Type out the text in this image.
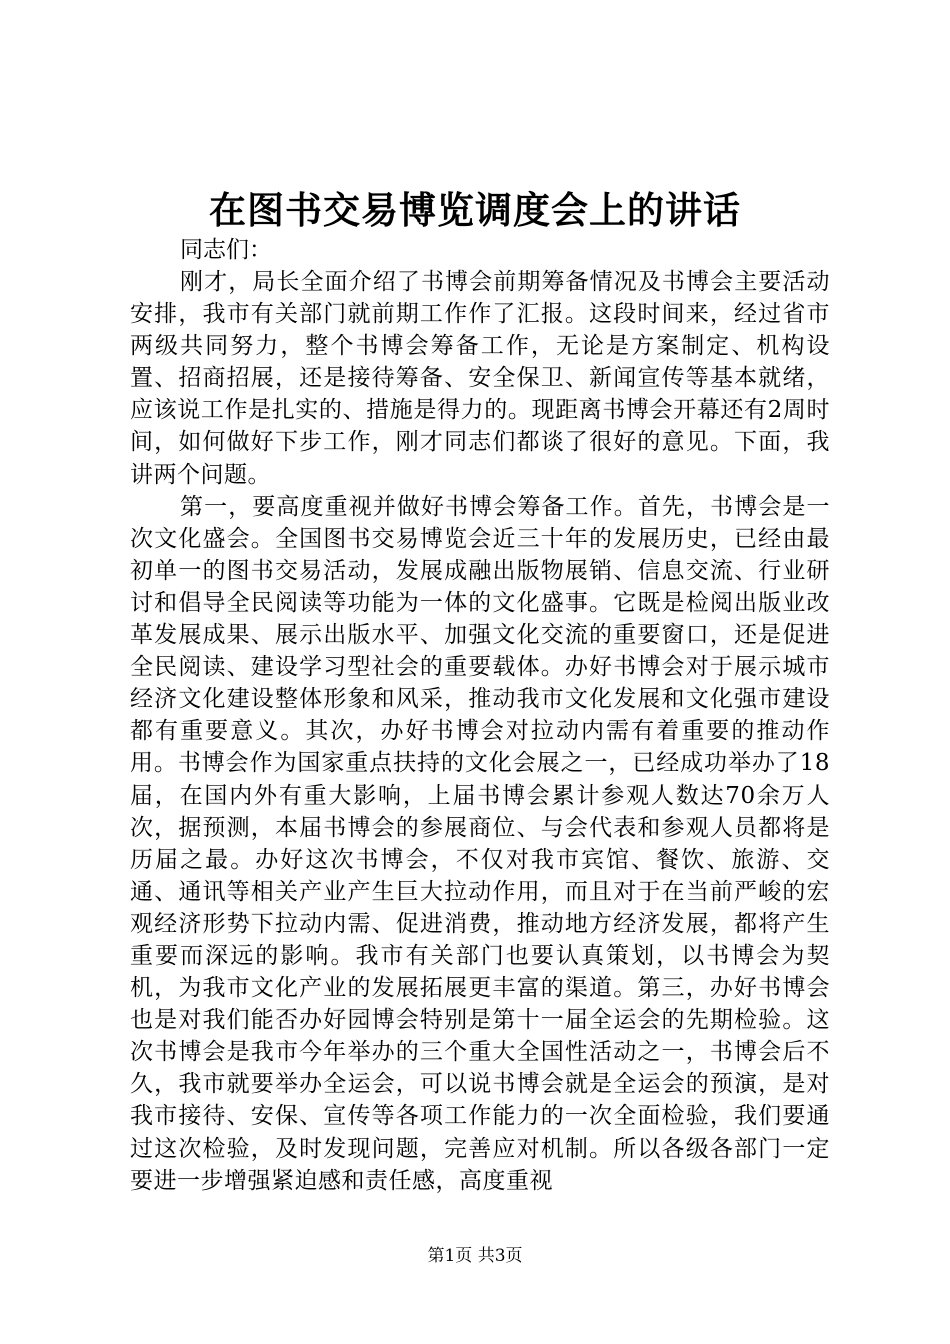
在图书交易博览调度会上的讲话

同志们：

刚才，局长全面介绍了书博会前期筹备情况及书博会主要活动安排，我市有关部门就前期工作作了汇报。这段时间来，经过省市两级共同努力，整个书博会筹备工作，无论是方案制定、机构设置、招商招展，还是接待筹备、安全保卫、新闻宣传等基本就绪，应该说工作是扎实的、措施是得力的。现距离书博会开幕还有2周时间，如何做好下步工作，刚才同志们都谈了很好的意见。下面，我讲两个问题。

第一，要高度重视并做好书博会筹备工作。首先，书博会是一次文化盛会。全国图书交易博览会近三十年的发展历史，已经由最初单一的图书交易活动，发展成融出版物展销、信息交流、行业研讨和倡导全民阅读等功能为一体的文化盛事。它既是检阅出版业改革发展成果、展示出版水平、加强文化交流的重要窗口，还是促进全民阅读、建设学习型社会的重要载体。办好书博会对于展示城市经济文化建设整体形象和风采，推动我市文化发展和文化强市建设都有重要意义。其次，办好书博会对拉动内需有着重要的推动作用。书博会作为国家重点扶持的文化会展之一，已经成功举办了18届，在国内外有重大影响，上届书博会累计参观人数达70余万人次，据预测，本届书博会的参展商位、与会代表和参观人员都将是历届之最。办好这次书博会，不仅对我市宾馆、餐饮、旅游、交通、通讯等相关产业产生巨大拉动作用，而且对于在当前严峻的宏观经济形势下拉动内需、促进消费，推动地方经济发展，都将产生重要而深远的影响。我市有关部门也要认真策划，以书博会为契机，为我市文化产业的发展拓展更丰富的渠道。第三，办好书博会也是对我们能否办好园博会特别是第十一届全运会的先期检验。这次书博会是我市今年举办的三个重大全国性活动之一，书博会后不久，我市就要举办全运会，可以说书博会就是全运会的预演，是对我市接待、安保、宣传等各项工作能力的一次全面检验，我们要通过这次检验，及时发现问题，完善应对机制。所以各级各部门一定要进一步增强紧迫感和责任感，高度重视

第1页 共3页
